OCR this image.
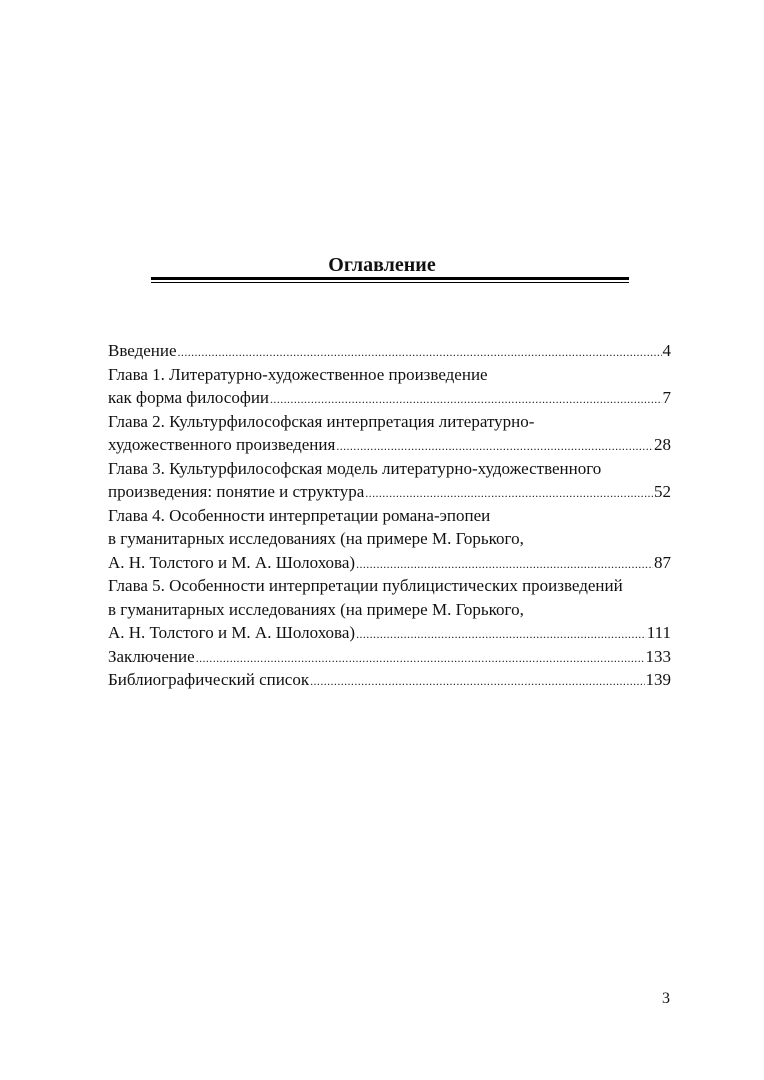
Оглавление
Введение .....	4
Глава 1. Литературно-художественное произведение
как форма философии .....	7
Глава 2. Культурфилософская интерпретация литературно-
художественного произведения .....	28
Глава 3. Культурфилософская модель литературно-художественного
произведения: понятие и структура .....	52
Глава 4. Особенности интерпретации романа-эпопеи
в гуманитарных исследованиях (на примере М. Горького,
А. Н. Толстого и М. А. Шолохова) .....	87
Глава 5. Особенности интерпретации публицистических произведений
в гуманитарных исследованиях (на примере М. Горького,
А. Н. Толстого и М. А. Шолохова) .....	111
Заключение .....	133
Библиографический список .....	139
3
